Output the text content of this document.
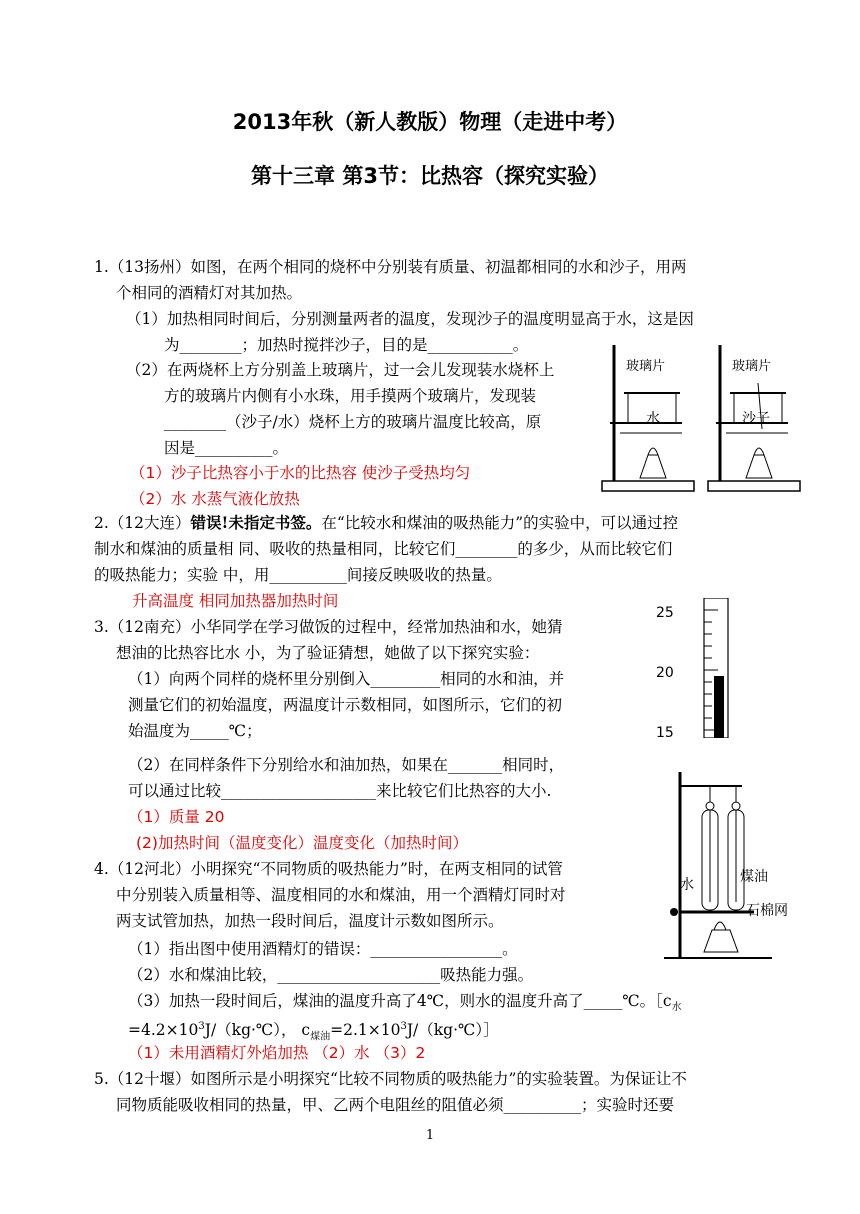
2013年秋（新人教版）物理（走进中考）
第十三章 第3节：比热容（探究实验）
1.（13扬州）如图，在两个相同的烧杯中分别装有质量、初温都相同的水和沙子，用两
个相同的酒精灯对其加热。
（1）加热相同时间后，分别测量两者的温度，发现沙子的温度明显高于水，这是因
为________；加热时搅拌沙子，目的是___________。
（2）在两烧杯上方分别盖上玻璃片，过一会儿发现装水烧杯上
方的玻璃片内侧有小水珠，用手摸两个玻璃片，发现装
________（沙子/水）烧杯上方的玻璃片温度比较高，原
因是__________。
（1）沙子比热容小于水的比热容 使沙子受热均匀
（2）水 水蒸气液化放热
玻璃片
水
玻璃片
沙子
2.（12大连）错误!未指定书签。在“比较水和煤油的吸热能力”的实验中，可以通过控
制水和煤油的质量相 同、吸收的热量相同，比较它们________的多少，从而比较它们
的吸热能力；实验 中，用__________间接反映吸收的热量。
升高温度 相同加热器加热时间
3.（12南充）小华同学在学习做饭的过程中，经常加热油和水，她猜
想油的比热容比水 小，为了验证猜想，她做了以下探究实验：
（1）向两个同样的烧杯里分别倒入_________相同的水和油，并
测量它们的初始温度，两温度计示数相同，如图所示，它们的初
始温度为_____℃；
（2）在同样条件下分别给水和油加热，如果在_______相同时，
可以通过比较____________________来比较它们比热容的大小.
（1）质量 20
(2)加热时间（温度变化）温度变化（加热时间）
25
20
15
4.（12河北）小明探究“不同物质的吸热能力”时，在两支相同的试管
中分别装入质量相等、温度相同的水和煤油，用一个酒精灯同时对
两支试管加热，加热一段时间后，温度计示数如图所示。
（1）指出图中使用酒精灯的错误：_________________。
（2）水和煤油比较，_____________________吸热能力强。
（3）加热一段时间后，煤油的温度升高了4℃，则水的温度升高了_____℃。$[c_水$
$=4.2\times 10^3J/(kg\cdot℃)$， $c_{煤油}=2.1\times 10^3J/(kg\cdot℃)]$
（1）未用酒精灯外焰加热 （2）水 （3）2
水	煤油
石棉网
5.（12十堰）如图所示是小明探究“比较不同物质的吸热能力”的实验装置。为保证让不
同物质能吸收相同的热量，甲、乙两个电阻丝的阻值必须__________；实验时还要
1
